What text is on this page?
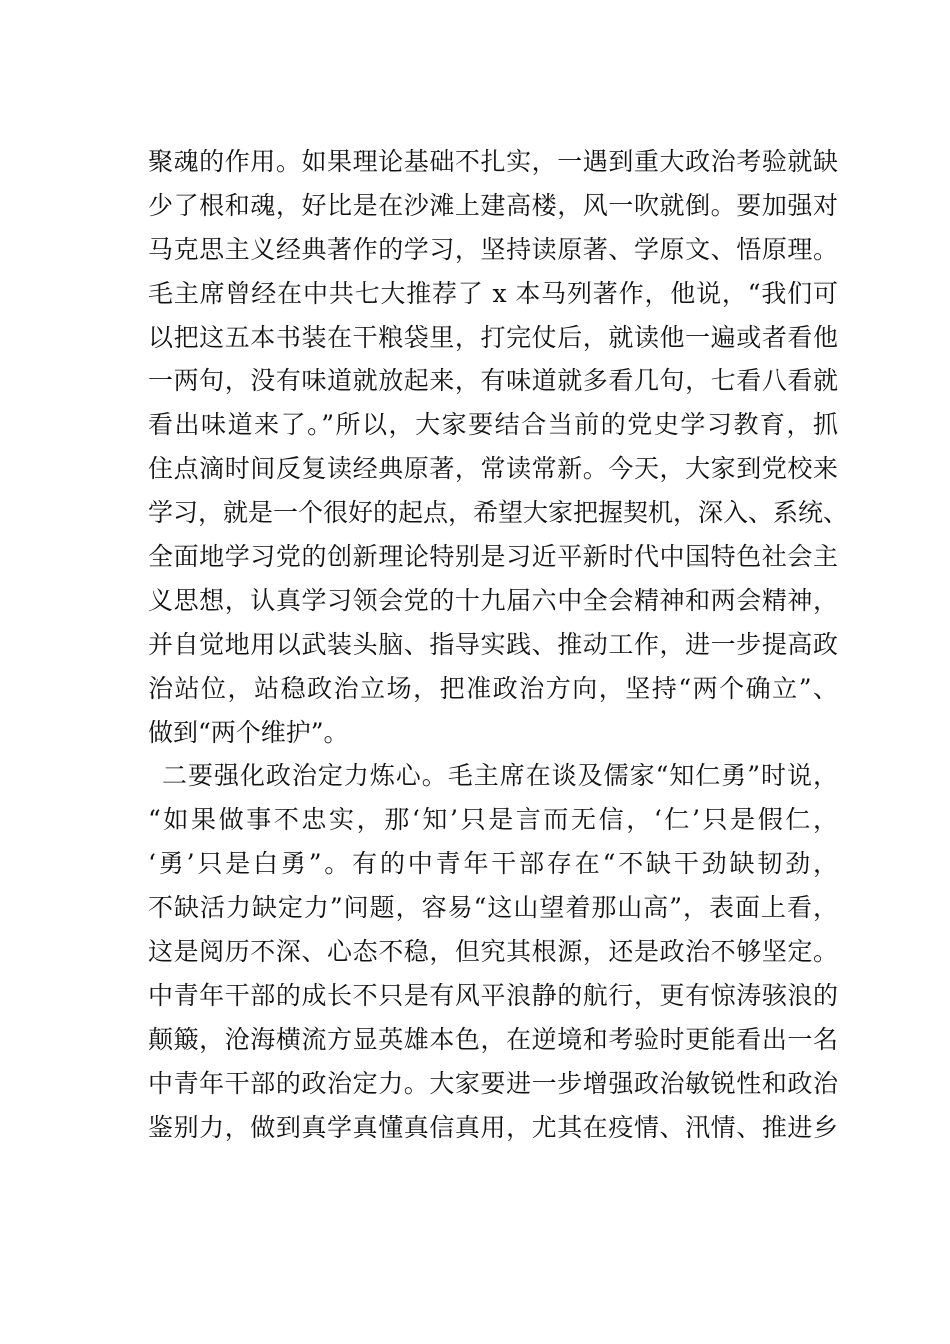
聚魂的作用。如果理论基础不扎实，一遇到重大政治考验就缺
少了根和魂，好比是在沙滩上建高楼，风一吹就倒。要加强对
马克思主义经典著作的学习，坚持读原著、学原文、悟原理。
毛主席曾经在中共七大推荐了 x 本马列著作，他说，“我们可
以把这五本书装在干粮袋里，打完仗后，就读他一遍或者看他
一两句，没有味道就放起来，有味道就多看几句，七看八看就
看出味道来了。”所以，大家要结合当前的党史学习教育，抓
住点滴时间反复读经典原著，常读常新。今天，大家到党校来
学习，就是一个很好的起点，希望大家把握契机，深入、系统、
全面地学习党的创新理论特别是习近平新时代中国特色社会主
义思想，认真学习领会党的十九届六中全会精神和两会精神，
并自觉地用以武装头脑、指导实践、推动工作，进一步提高政
治站位，站稳政治立场，把准政治方向，坚持“两个确立”、
做到“两个维护”。
二要强化政治定力炼心。毛主席在谈及儒家“知仁勇”时说，
“如果做事不忠实，那‘知’只是言而无信，‘仁’只是假仁，
‘勇’只是白勇”。有的中青年干部存在“不缺干劲缺韧劲，
不缺活力缺定力”问题，容易“这山望着那山高”，表面上看，
这是阅历不深、心态不稳，但究其根源，还是政治不够坚定。
中青年干部的成长不只是有风平浪静的航行，更有惊涛骇浪的
颠簸，沧海横流方显英雄本色，在逆境和考验时更能看出一名
中青年干部的政治定力。大家要进一步增强政治敏锐性和政治
鉴别力，做到真学真懂真信真用，尤其在疫情、汛情、推进乡
